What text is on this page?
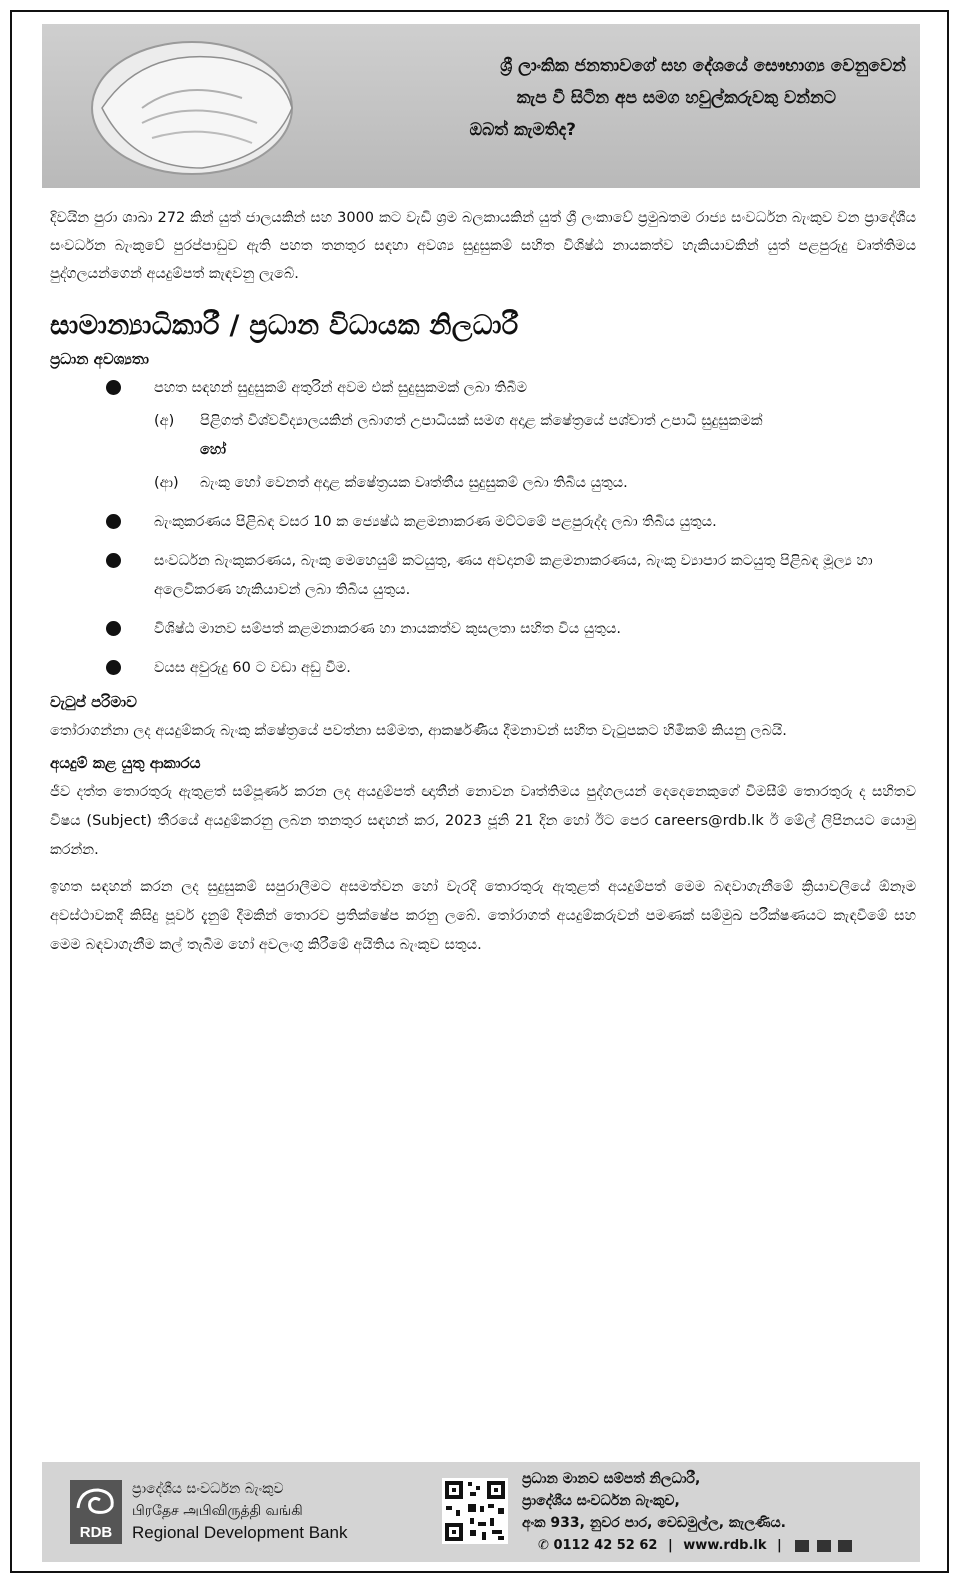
ශ්‍රී ලාංකික ජනතාවගේ සහ දේශයේ සෞභාග්‍ය වෙනුවෙන්
කැප වී සිටින අප සමග හවුල්කරුවකු වන්නට
ඔබත් කැමතිද?

දිවයින පුරා ශාඛා 272 කින් යුත් ජාලයකින් සහ 3000 කට වැඩි ශ්‍රම බලකායකින් යුත් ශ්‍රී ලංකාවේ ප්‍රමුඛතම රාජ්‍ය සංවර්ධන බැංකුව වන ප්‍රාදේශීය සංවර්ධන බැංකුවේ පුරප්පාඩුව ඇති පහත තනතුර සඳහා අවශ්‍ය සුදුසුකම් සහිත විශිෂ්ඨ නායකත්ව හැකියාවකින් යුත් පළපුරුදු වෘත්තිමය පුද්ගලයන්ගෙන් අයදුම්පත් කැඳවනු ලැබේ.

සාමාන්‍යාධිකාරී / ප්‍රධාන විධායක නිලධාරී
ප්‍රධාන අවශ්‍යතා
පහත සඳහන් සුදුසුකම් අතුරින් අවම එක් සුදුසුකමක් ලබා තිබීම
(අ) පිළිගත් විශ්වවිද්‍යාලයකින් ලබාගත් උපාධියක් සමග අදාළ ක්ෂේත්‍රයේ පශ්චාත් උපාධි සුදුසුකමක්
හෝ
(ආ) බැංකු හෝ වෙනත් අදාළ ක්ෂේත්‍රයක වෘත්තීය සුදුසුකම් ලබා තිබිය යුතුය.
බැංකුකරණය පිළිබඳ වසර 10 ක ජ්‍යෙෂ්ඨ කළමනාකරණ මට්ටමේ පළපුරුද්ද ලබා තිබිය යුතුය.
සංවර්ධන බැංකුකරණය, බැංකු මෙහෙයුම් කටයුතු, ණය අවදානම් කළමනාකරණය, බැංකු ව්‍යාපාර කටයුතු පිළිබඳ මූල්‍ය හා අලෙවිකරණ හැකියාවන් ලබා තිබිය යුතුය.
විශිෂ්ඨ මානව සම්පත් කළමනාකරණ හා නායකත්ව කුසලතා සහිත විය යුතුය.
වයස අවුරුදු 60 ට වඩා අඩු වීම.
වැටුප් පරිමාව

තෝරාගන්නා ලද අයදුම්කරු බැංකු ක්ෂේත්‍රයේ පවත්නා සම්මත, ආකර්ෂණීය දීමනාවන් සහිත වැටුපකට හිමිකම් කියනු ලබයි.

අයදුම් කළ යුතු ආකාරය

ජීව දත්ත තොරතුරු ඇතුළත් සම්පූර්ණ කරන ලද අයදුම්පත් ඥාතීන් නොවන වෘත්තිමය පුද්ගලයන් දෙදෙනෙකුගේ විමසීම් තොරතුරු ද සහිතව විෂය (Subject) තීරයේ අයදුම්කරනු ලබන තනතුර සඳහන් කර, 2023 ජූනි 21 දින හෝ ඊට පෙර careers@rdb.lk ඊ මේල් ලිපිනයට යොමු කරන්න.

ඉහත සඳහන් කරන ලද සුදුසුකම් සපුරාලීමට අසමත්වන හෝ වැරදි තොරතුරු ඇතුළත් අයදුම්පත් මෙම බඳවාගැනීමේ ක්‍රියාවලියේ ඕනෑම අවස්ථාවකදී කිසිදු පූර්ව දැනුම් දීමකින් තොරව ප්‍රතික්ෂේප කරනු ලබේ. තෝරාගත් අයදුම්කරුවන් පමණක් සම්මුඛ පරීක්ෂණයට කැඳවීමේ සහ මෙම බඳවාගැනීම කල් තැබීම හෝ අවලංගු කිරීමේ අයිතිය බැංකුව සතුය.

RDB
ප්‍රාදේශීය සංවර්ධන බැංකුව
பிரதேச அபிவிருத்தி வங்கி
Regional Development Bank
ප්‍රධාන මානව සම්පත් නිලධාරී,
ප්‍රාදේශීය සංවර්ධන බැංකුව,
අංක 933, නුවර පාර, වෙඩමුල්ල, කැලණිය.
✆ 0112 42 52 62 | www.rdb.lk |
